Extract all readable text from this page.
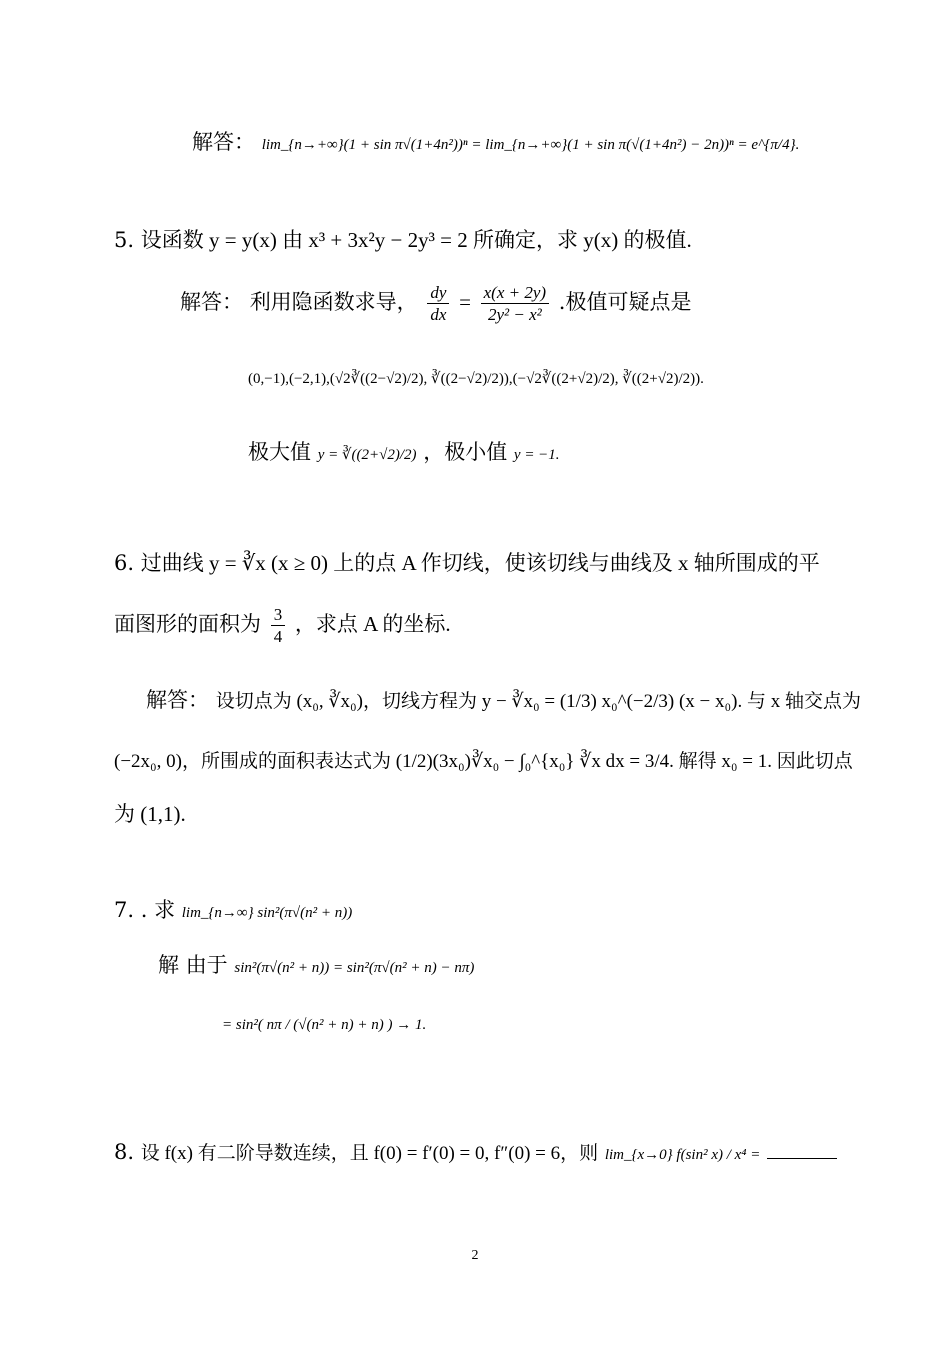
解答： lim_{n→+∞}(1 + sin π√(1+4n²))ⁿ = lim_{n→+∞}(1 + sin π(√(1+4n²) − 2n))ⁿ = e^{π/4}.
5. 设函数 y = y(x) 由 x³ + 3x²y − 2y³ = 2 所确定，求 y(x) 的极值.
解答： 利用隐函数求导， $\frac{dy}{dx} = \frac{x(x + 2y)}{\text{2y² − x²}}$ .极值可疑点是
(0,−1),(−2,1),(√2∛((2−√2)/2), ∛((2−√2)/2)),(−√2∛((2+√2)/2), ∛((2+√2)/2)).
极大值 y = ∛((2+√2)/2) ，极小值 y = −1.
6. 过曲线 y = ∛x (x ≥ 0) 上的点 A 作切线，使该切线与曲线及 x 轴所围成的平
面图形的面积为 $\frac{3}{4}$ ，求点 A 的坐标.
解答： 设切点为 (x₀, ∛x₀)，切线方程为 y − ∛x₀ = (1/3) x₀^(−2/3) (x − x₀). 与 x 轴交点为
(−2x₀, 0)，所围成的面积表达式为 (1/2)(3x₀)∛x₀ − ∫₀^{x₀} ∛x dx = 3/4. 解得 x₀ = 1. 因此切点
为 (1,1).
7. . 求 lim_{n→∞} sin²(π√(n² + n))
解 由于 sin²(π√(n² + n)) = sin²(π√(n² + n) − nπ)
= sin²( nπ / (√(n² + n) + n) ) → 1.
8. 设 f(x) 有二阶导数连续，且 f(0) = f′(0) = 0, f″(0) = 6，则 lim_{x→0} f(sin² x) / x⁴ =
2
